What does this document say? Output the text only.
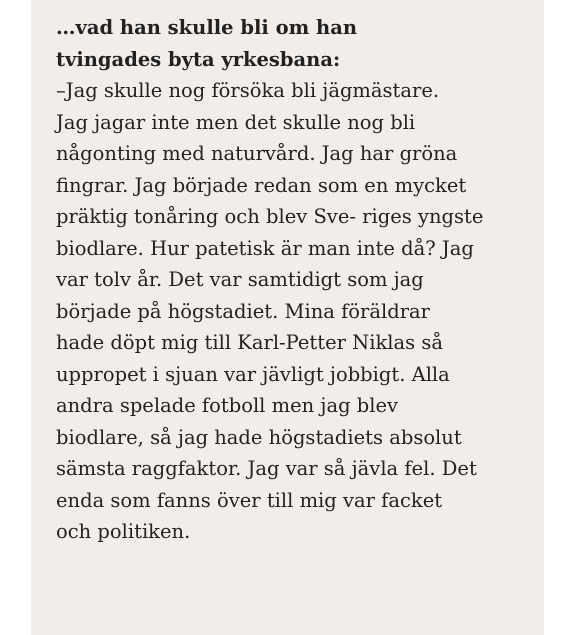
…vad han skulle bli om han
tvingades byta yrkesbana:
–Jag skulle nog försöka bli jägmästare.
Jag jagar inte men det skulle nog bli
någonting med naturvård. Jag har gröna
fingrar. Jag började redan som en mycket
präktig tonåring och blev Sve- riges yngste
biodlare. Hur patetisk är man inte då? Jag
var tolv år. Det var samtidigt som jag
började på högstadiet. Mina föräldrar
hade döpt mig till Karl-Petter Niklas så
uppropet i sjuan var jävligt jobbigt. Alla
andra spelade fotboll men jag blev
biodlare, så jag hade högstadiets absolut
sämsta raggfaktor. Jag var så jävla fel. Det
enda som fanns över till mig var facket
och politiken.
